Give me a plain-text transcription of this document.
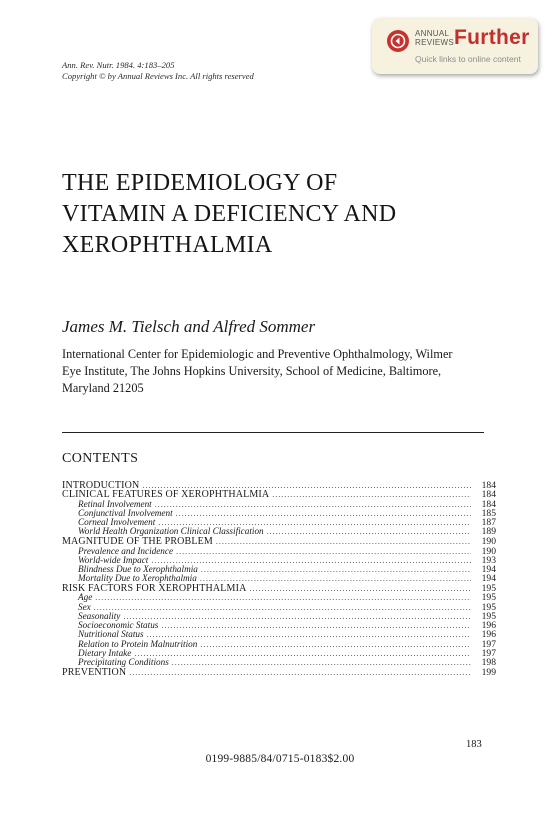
ANNUAL
REVIEWS Further
Quick links to online content
Ann. Rev. Nutr. 1984. 4:183–205
Copyright © by Annual Reviews Inc. All rights reserved
THE EPIDEMIOLOGY OF
VITAMIN A DEFICIENCY AND
XEROPHTHALMIA
James M. Tielsch and Alfred Sommer
International Center for Epidemiologic and Preventive Ophthalmology, Wilmer
Eye Institute, The Johns Hopkins University, School of Medicine, Baltimore,
Maryland 21205
CONTENTS
INTRODUCTION . . .	184
CLINICAL FEATURES OF XEROPHTHALMIA . . .	184
Retinal Involvement . . .	184
Conjunctival Involvement . . .	185
Corneal Involvement . . .	187
World Health Organization Clinical Classification . . .	189
MAGNITUDE OF THE PROBLEM . . .	190
Prevalence and Incidence . . .	190
World-wide Impact . . .	193
Blindness Due to Xerophthalmia . . .	194
Mortality Due to Xerophthalmia . . .	194
RISK FACTORS FOR XEROPHTHALMIA . . .	195
Age . . .	195
Sex . . .	195
Seasonality . . .	195
Socioeconomic Status . . .	196
Nutritional Status . . .	196
Relation to Protein Malnutrition . . .	197
Dietary Intake . . .	197
Precipitating Conditions . . .	198
PREVENTION . . .	199
183
0199-9885/84/0715-0183$2.00
